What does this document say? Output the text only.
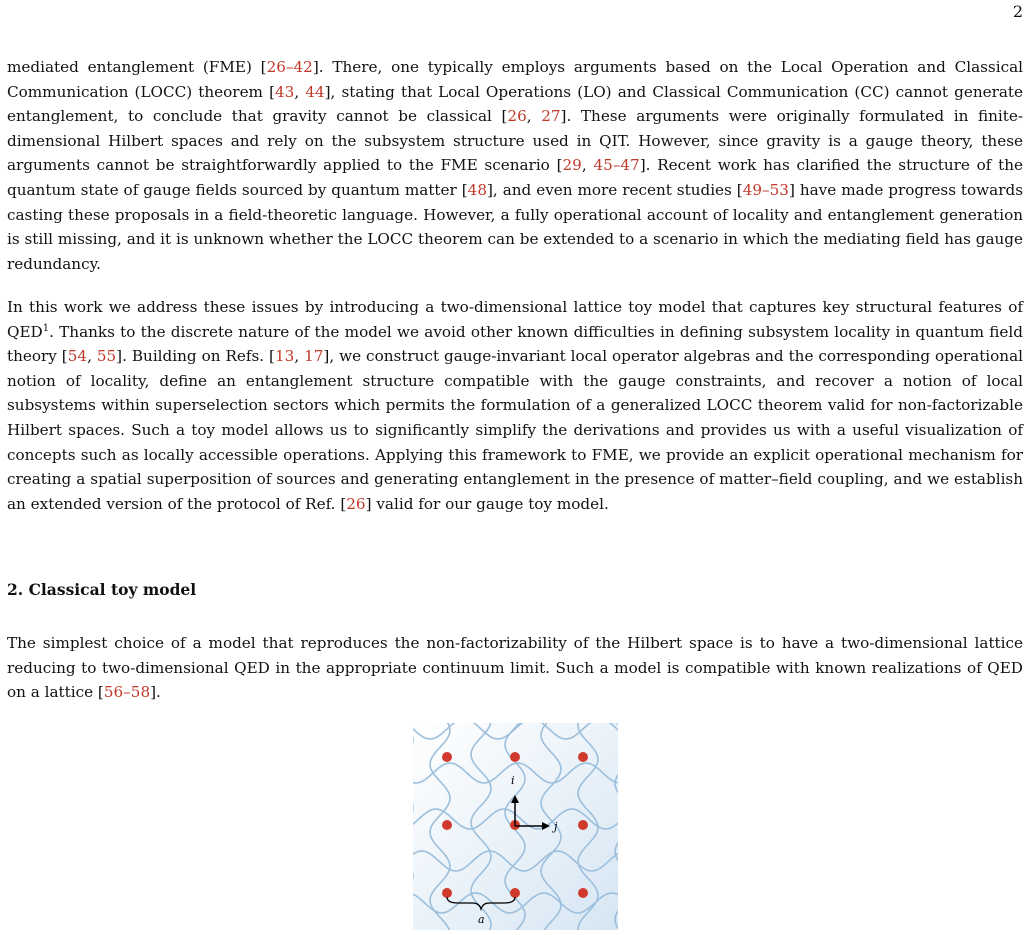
2

mediated entanglement (FME) [26–42]. There, one typically employs arguments based on the Local Operation and Classical Communication (LOCC) theorem [43, 44], stating that Local Operations (LO) and Classical Communication (CC) cannot generate entanglement, to conclude that gravity cannot be classical [26, 27]. These arguments were originally formulated in finite-dimensional Hilbert spaces and rely on the subsystem structure used in QIT. However, since gravity is a gauge theory, these arguments cannot be straightforwardly applied to the FME scenario [29, 45–47]. Recent work has clarified the structure of the quantum state of gauge fields sourced by quantum matter [48], and even more recent studies [49–53] have made progress towards casting these proposals in a field-theoretic language. However, a fully operational account of locality and entanglement generation is still missing, and it is unknown whether the LOCC theorem can be extended to a scenario in which the mediating field has gauge redundancy.

In this work we address these issues by introducing a two-dimensional lattice toy model that captures key structural features of QED$^1$. Thanks to the discrete nature of the model we avoid other known difficulties in defining subsystem locality in quantum field theory [54, 55]. Building on Refs. [13, 17], we construct gauge-invariant local operator algebras and the corresponding operational notion of locality, define an entanglement structure compatible with the gauge constraints, and recover a notion of local subsystems within superselection sectors which permits the formulation of a generalized LOCC theorem valid for non-factorizable Hilbert spaces. Such a toy model allows us to significantly simplify the derivations and provides us with a useful visualization of concepts such as locally accessible operations. Applying this framework to FME, we provide an explicit operational mechanism for creating a spatial superposition of sources and generating entanglement in the presence of matter–field coupling, and we establish an extended version of the protocol of Ref. [26] valid for our gauge toy model.

2. Classical toy model

The simplest choice of a model that reproduces the non-factorizability of the Hilbert space is to have a two-dimensional lattice reducing to two-dimensional QED in the appropriate continuum limit. Such a model is compatible with known realizations of QED on a lattice [56–58].

i
j
a
